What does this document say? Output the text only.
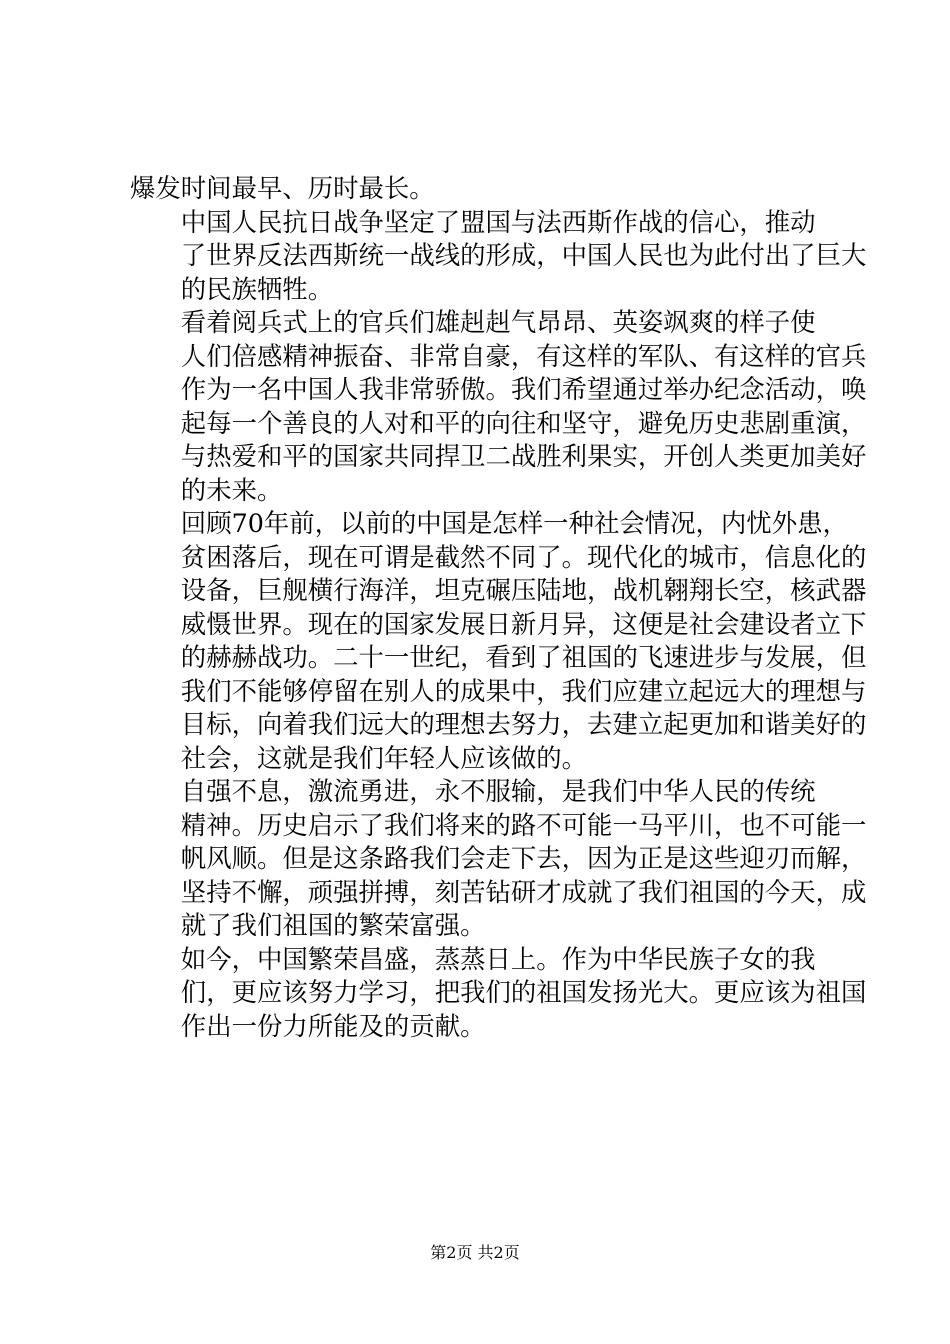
爆发时间最早、历时最长。

中国人民抗日战争坚定了盟国与法西斯作战的信心，推动
了世界反法西斯统一战线的形成，中国人民也为此付出了巨大
的民族牺牲。

看着阅兵式上的官兵们雄赳赳气昂昂、英姿飒爽的样子使
人们倍感精神振奋、非常自豪，有这样的军队、有这样的官兵
作为一名中国人我非常骄傲。我们希望通过举办纪念活动，唤
起每一个善良的人对和平的向往和坚守，避免历史悲剧重演，
与热爱和平的国家共同捍卫二战胜利果实，开创人类更加美好
的未来。

回顾70年前，以前的中国是怎样一种社会情况，内忧外患，
贫困落后，现在可谓是截然不同了。现代化的城市，信息化的
设备，巨舰横行海洋，坦克碾压陆地，战机翱翔长空，核武器
威慑世界。现在的国家发展日新月异，这便是社会建设者立下
的赫赫战功。二十一世纪，看到了祖国的飞速进步与发展，但
我们不能够停留在别人的成果中，我们应建立起远大的理想与
目标，向着我们远大的理想去努力，去建立起更加和谐美好的
社会，这就是我们年轻人应该做的。

自强不息，激流勇进，永不服输，是我们中华人民的传统
精神。历史启示了我们将来的路不可能一马平川，也不可能一
帆风顺。但是这条路我们会走下去，因为正是这些迎刃而解，
坚持不懈，顽强拼搏，刻苦钻研才成就了我们祖国的今天，成
就了我们祖国的繁荣富强。

如今，中国繁荣昌盛，蒸蒸日上。作为中华民族子女的我
们，更应该努力学习，把我们的祖国发扬光大。更应该为祖国
作出一份力所能及的贡献。

第2页 共2页
